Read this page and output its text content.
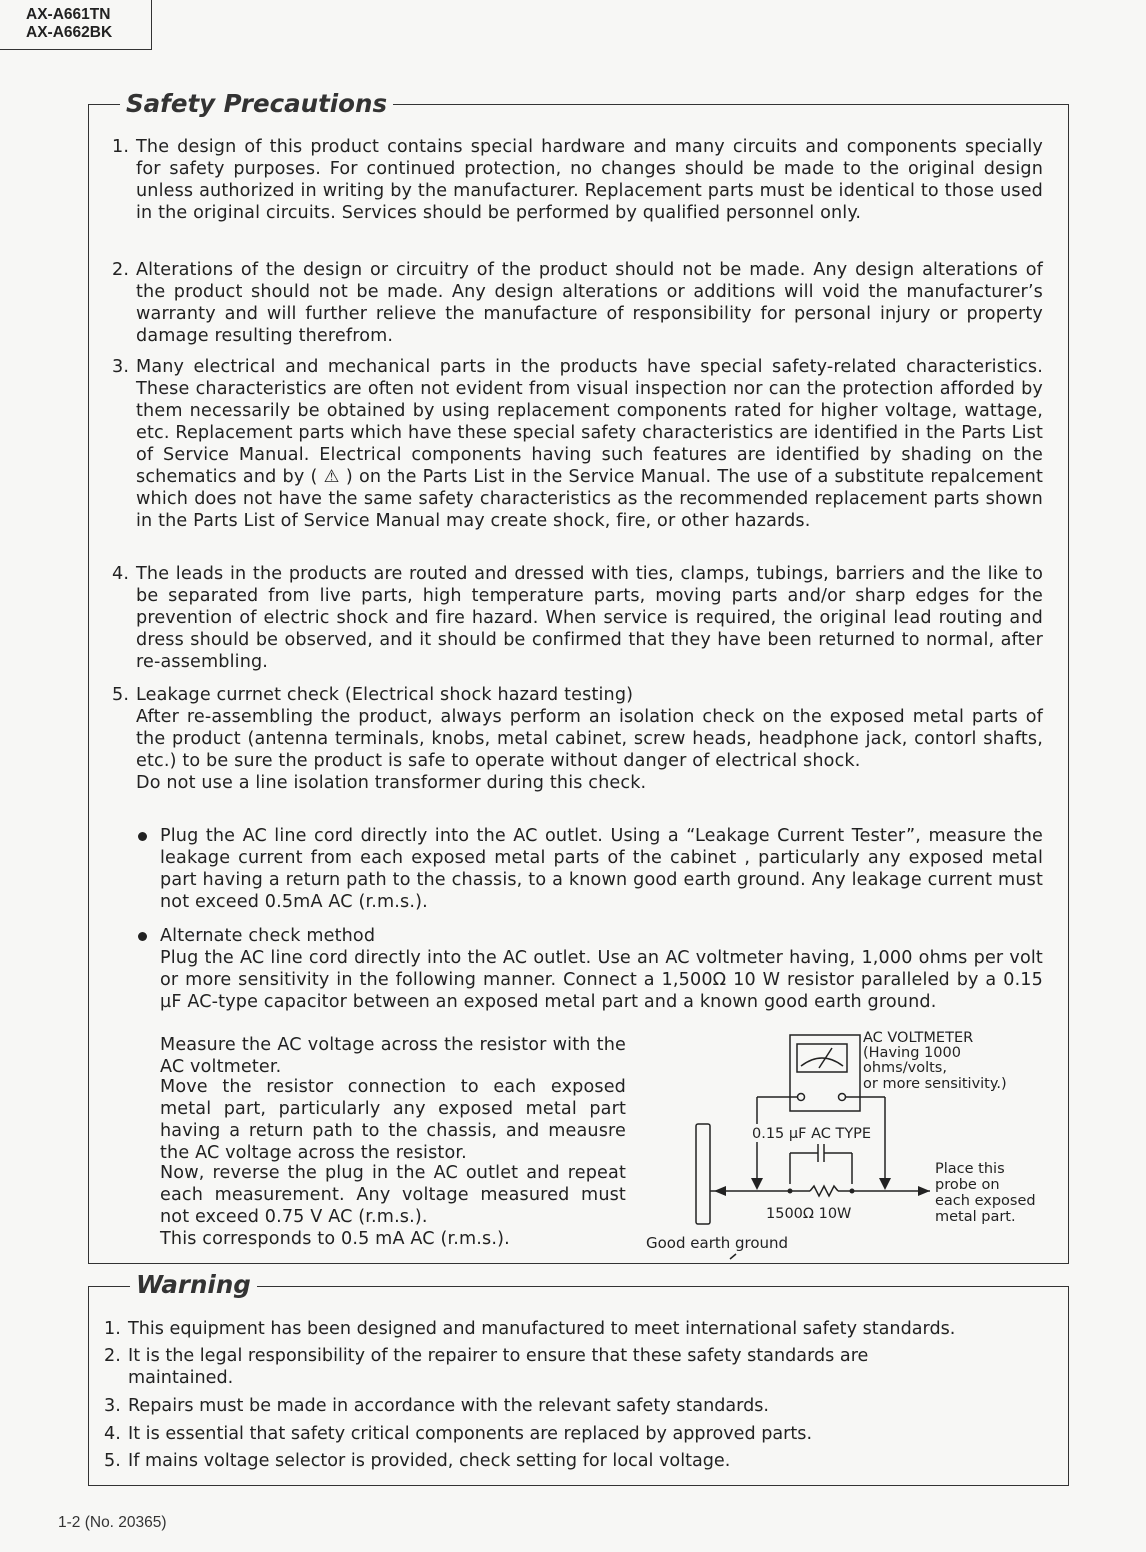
AX-A661TN
AX-A662BK
Safety Precautions
1. The design of this product contains special hardware and many circuits and components specially for safety purposes. For continued protection, no changes should be made to the original design unless authorized in writing by the manufacturer. Replacement parts must be identical to those used in the original circuits. Services should be performed by qualified personnel only.
2. Alterations of the design or circuitry of the product should not be made. Any design alterations of the product should not be made. Any design alterations or additions will void the manufacturer’s warranty and will further relieve the manufacture of responsibility for personal injury or property damage resulting therefrom.
3. Many electrical and mechanical parts in the products have special safety-related characteristics. These characteristics are often not evident from visual inspection nor can the protection afforded by them necessarily be obtained by using replacement components rated for higher voltage, wattage, etc. Replacement parts which have these special safety characteristics are identified in the Parts List of Service Manual. Electrical components having such features are identified by shading on the schematics and by ( ⚠ ) on the Parts List in the Service Manual. The use of a substitute repalcement which does not have the same safety characteristics as the recommended replacement parts shown in the Parts List of Service Manual may create shock, fire, or other hazards.
4. The leads in the products are routed and dressed with ties, clamps, tubings, barriers and the like to be separated from live parts, high temperature parts, moving parts and/or sharp edges for the prevention of electric shock and fire hazard. When service is required, the original lead routing and dress should be observed, and it should be confirmed that they have been returned to normal, after re-assembling.
5. Leakage currnet check (Electrical shock hazard testing)
After re-assembling the product, always perform an isolation check on the exposed metal parts of the product (antenna terminals, knobs, metal cabinet, screw heads, headphone jack, contorl shafts, etc.) to be sure the product is safe to operate without danger of electrical shock.
Do not use a line isolation transformer during this check.
Plug the AC line cord directly into the AC outlet. Using a “Leakage Current Tester”, measure the leakage current from each exposed metal parts of the cabinet , particularly any exposed metal part having a return path to the chassis, to a known good earth ground. Any leakage current must not exceed 0.5mA AC (r.m.s.).
Alternate check method
Plug the AC line cord directly into the AC outlet. Use an AC voltmeter having, 1,000 ohms per volt or more sensitivity in the following manner. Connect a 1,500Ω 10 W resistor paralleled by a 0.15 µF AC-type capacitor between an exposed metal part and a known good earth ground.
Measure the AC voltage across the resistor with the AC voltmeter.
Move the resistor connection to each exposed metal part, particularly any exposed metal part having a return path to the chassis, and meausre the AC voltage across the resistor.
Now, reverse the plug in the AC outlet and repeat each measurement. Any voltage measured must not exceed 0.75 V AC (r.m.s.).
This corresponds to 0.5 mA AC (r.m.s.).
AC VOLTMETER
(Having 1000
ohms/volts,
or more sensitivity.)
0.15 µF AC TYPE
1500Ω 10W
Place this
probe on
each exposed
metal part.
Good earth ground
Warning
1. This equipment has been designed and manufactured to meet international safety standards.
2. It is the legal responsibility of the repairer to ensure that these safety standards are maintained.
3. Repairs must be made in accordance with the relevant safety standards.
4. It is essential that safety critical components are replaced by approved parts.
5. If mains voltage selector is provided, check setting for local voltage.
1-2 (No. 20365)
